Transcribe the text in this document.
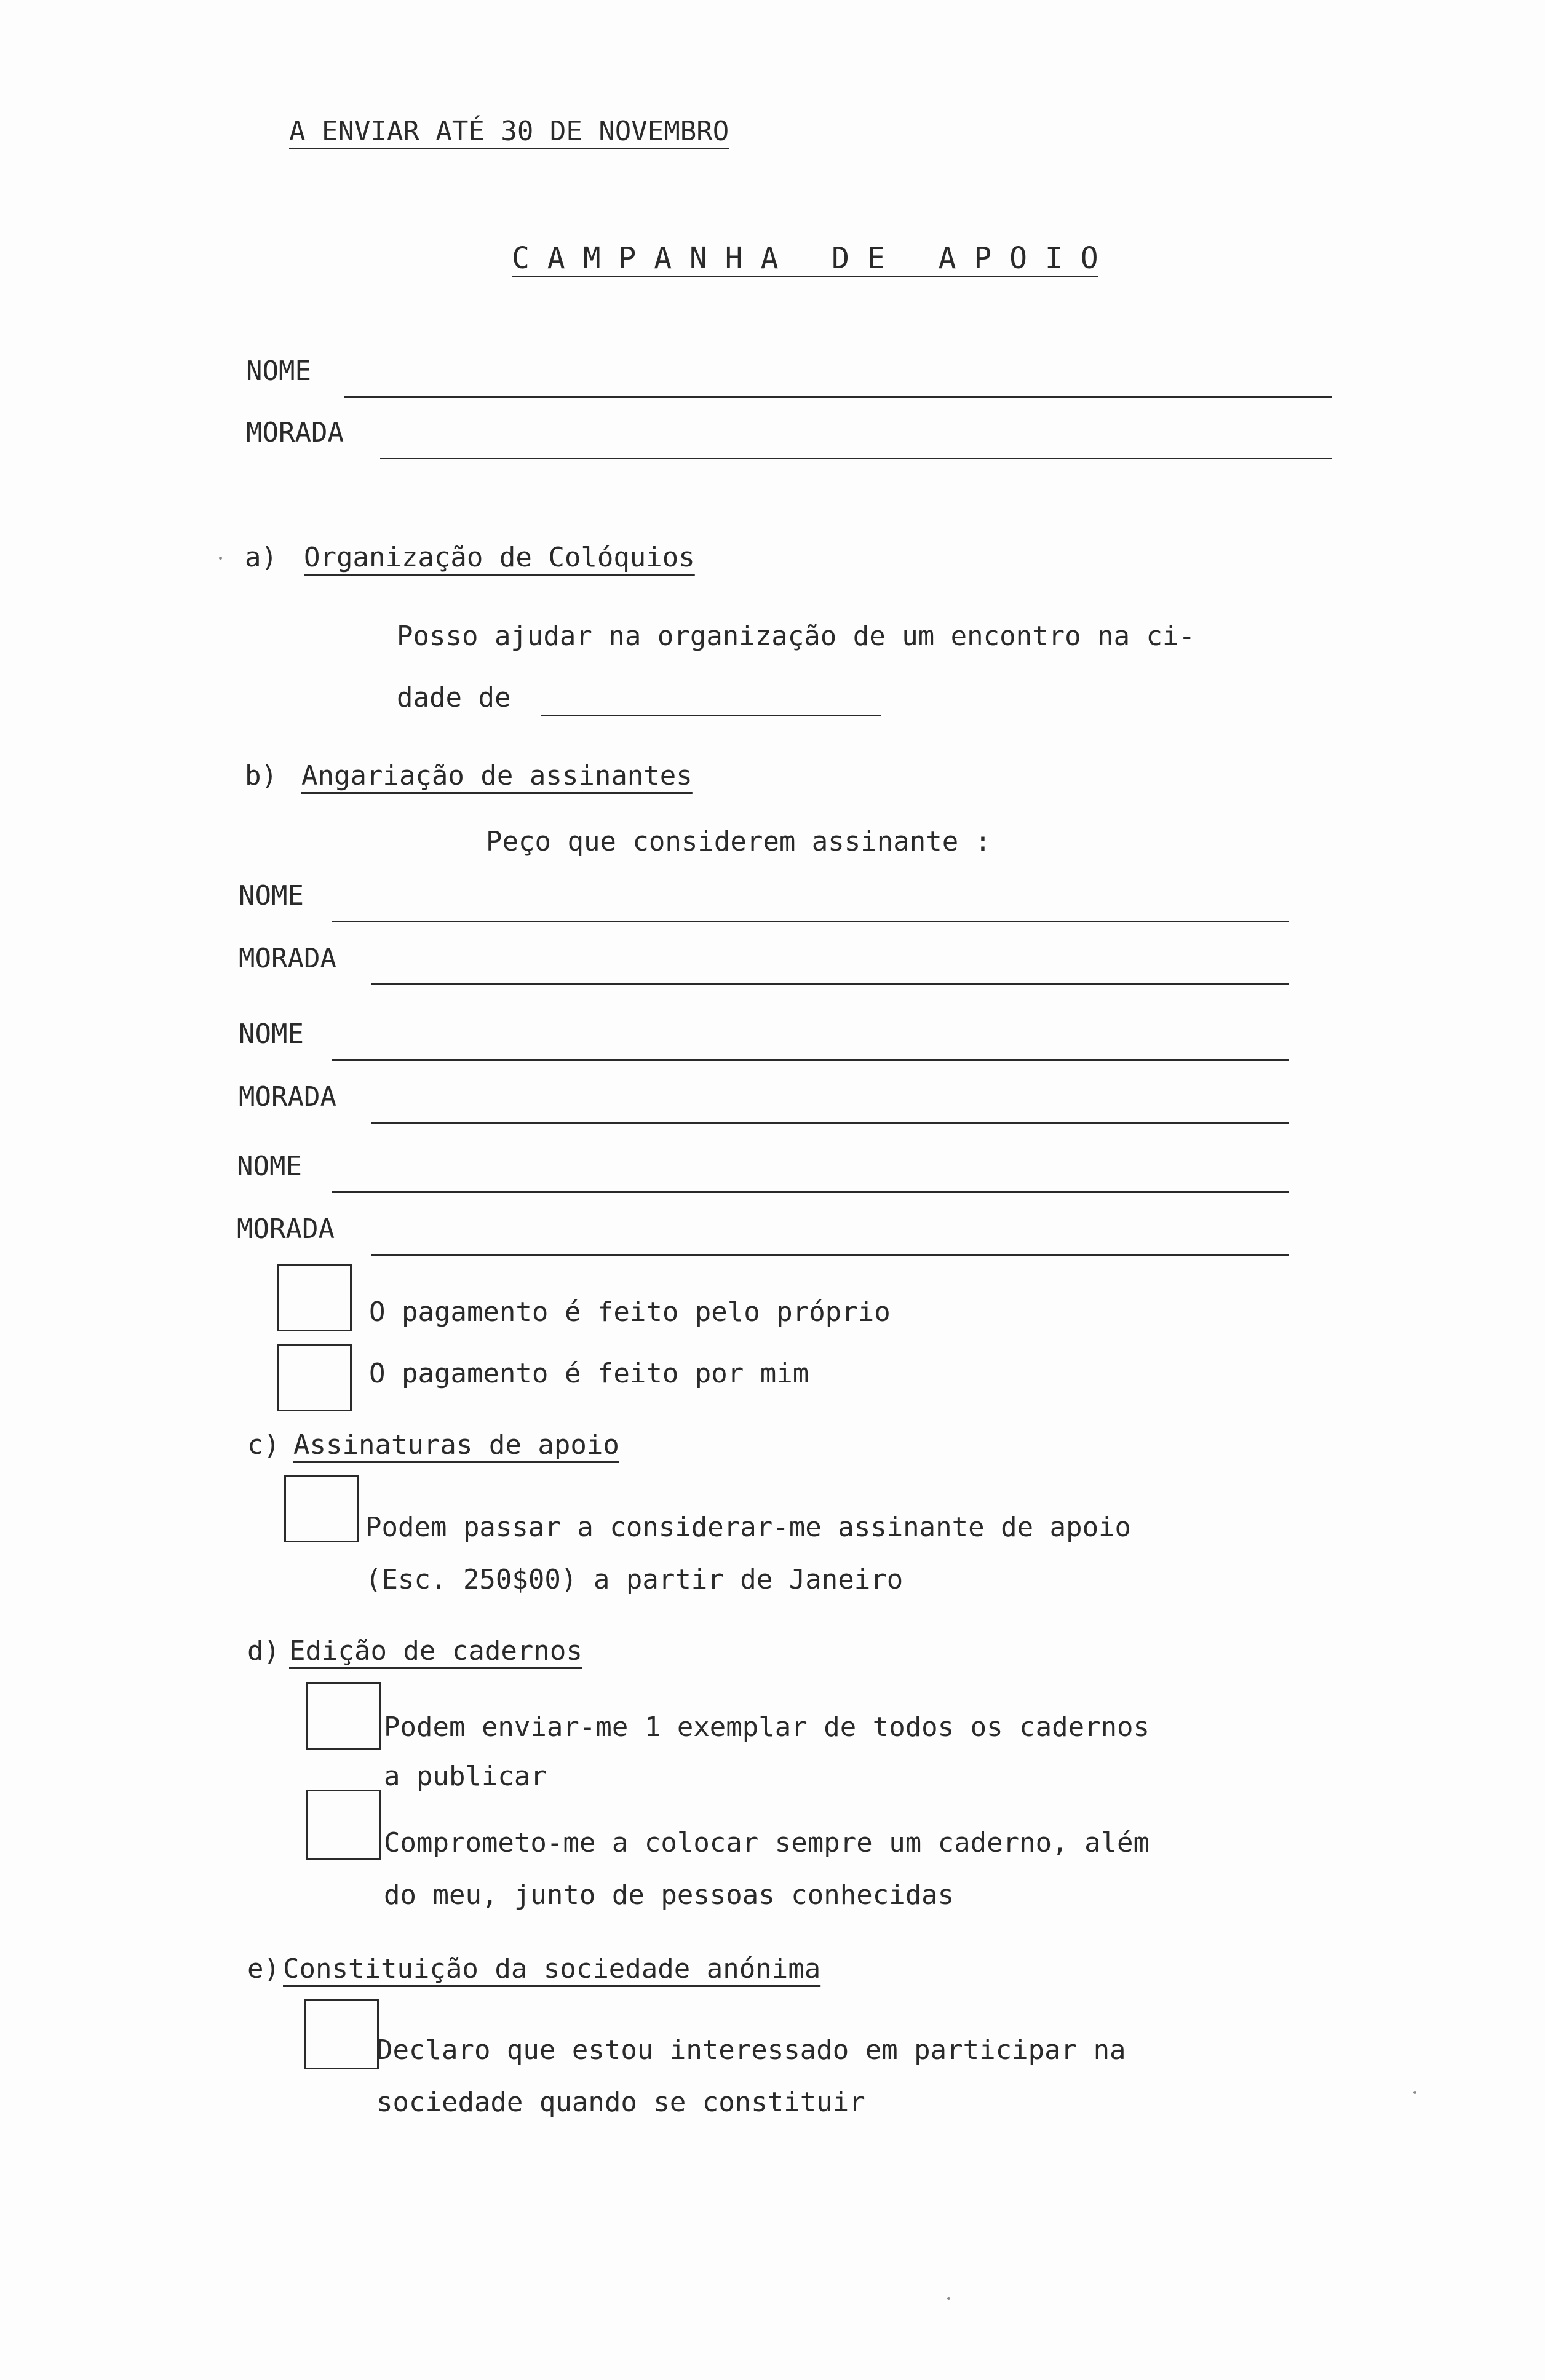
A ENVIAR ATÉ 30 DE NOVEMBRO
C A M P A N H A   D E   A P O I O
NOME
MORADA
a) Organização de Colóquios
Posso ajudar na organização de um encontro na ci-
dade de
b) Angariação de assinantes
Peço que considerem assinante :
NOME
MORADA
NOME
MORADA
NOME
MORADA
O pagamento é feito pelo próprio
O pagamento é feito por mim
c) Assinaturas de apoio
Podem passar a considerar-me assinante de apoio
(Esc. 250$00) a partir de Janeiro
d) Edição de cadernos
Podem enviar-me 1 exemplar de todos os cadernos
a publicar
Comprometo-me a colocar sempre um caderno, além
do meu, junto de pessoas conhecidas
e) Constituição da sociedade anónima
Declaro que estou interessado em participar na
sociedade quando se constituir
